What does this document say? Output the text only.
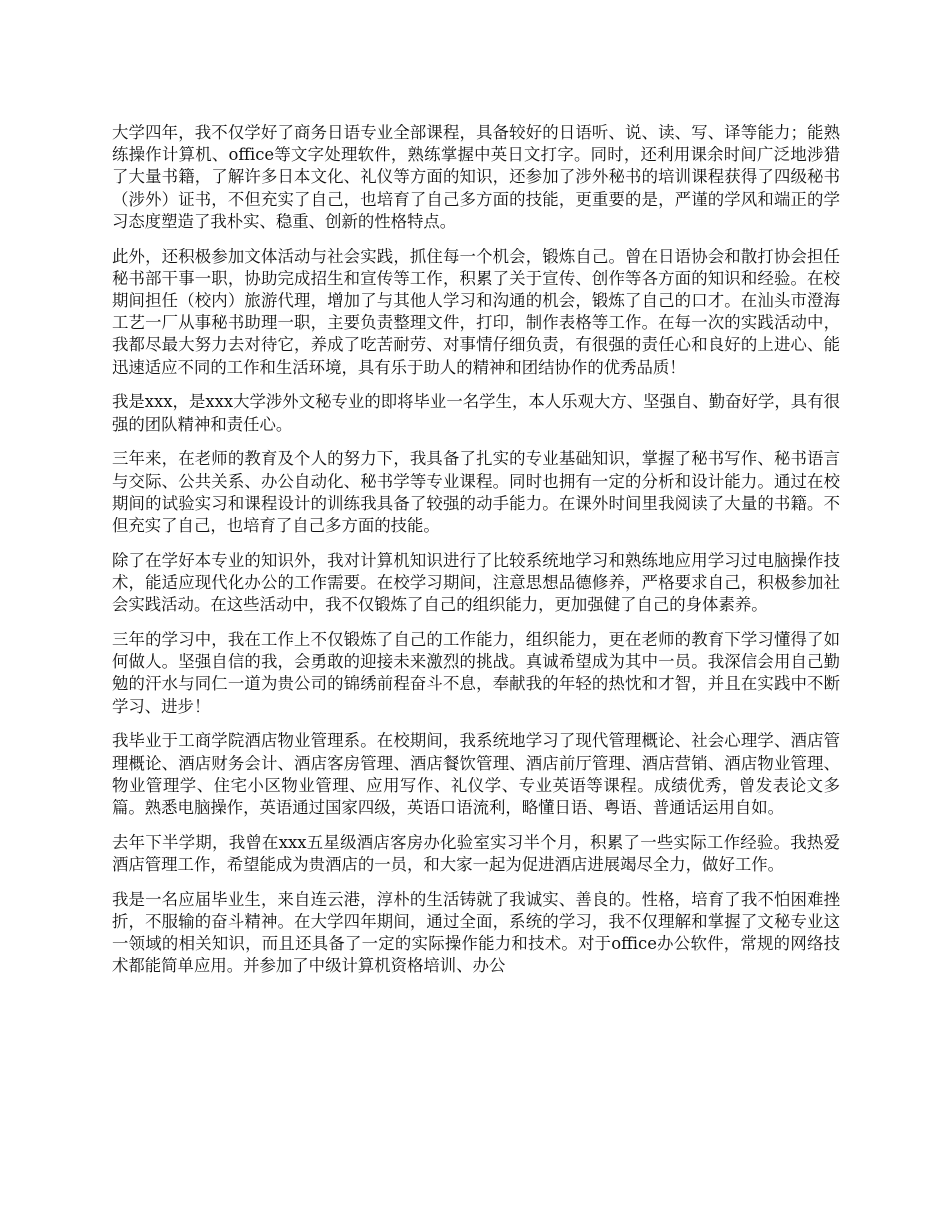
大学四年，我不仅学好了商务日语专业全部课程，具备较好的日语听、说、读、写、译等能力；能熟练操作计算机、office等文字处理软件，熟练掌握中英日文打字。同时，还利用课余时间广泛地涉猎了大量书籍，了解许多日本文化、礼仪等方面的知识，还参加了涉外秘书的培训课程获得了四级秘书（涉外）证书，不但充实了自己，也培育了自己多方面的技能，更重要的是，严谨的学风和端正的学习态度塑造了我朴实、稳重、创新的性格特点。

此外，还积极参加文体活动与社会实践，抓住每一个机会，锻炼自己。曾在日语协会和散打协会担任秘书部干事一职，协助完成招生和宣传等工作，积累了关于宣传、创作等各方面的知识和经验。在校期间担任（校内）旅游代理，增加了与其他人学习和沟通的机会，锻炼了自己的口才。在汕头市澄海工艺一厂从事秘书助理一职，主要负责整理文件，打印，制作表格等工作。在每一次的实践活动中，我都尽最大努力去对待它，养成了吃苦耐劳、对事情仔细负责，有很强的责任心和良好的上进心、能迅速适应不同的工作和生活环境，具有乐于助人的精神和团结协作的优秀品质！

我是xxx，是xxx大学涉外文秘专业的即将毕业一名学生，本人乐观大方、坚强自、勤奋好学，具有很强的团队精神和责任心。

三年来，在老师的教育及个人的努力下，我具备了扎实的专业基础知识，掌握了秘书写作、秘书语言与交际、公共关系、办公自动化、秘书学等专业课程。同时也拥有一定的分析和设计能力。通过在校期间的试验实习和课程设计的训练我具备了较强的动手能力。在课外时间里我阅读了大量的书籍。不但充实了自己，也培育了自己多方面的技能。

除了在学好本专业的知识外，我对计算机知识进行了比较系统地学习和熟练地应用学习过电脑操作技术，能适应现代化办公的工作需要。在校学习期间，注意思想品德修养，严格要求自己，积极参加社会实践活动。在这些活动中，我不仅锻炼了自己的组织能力，更加强健了自己的身体素养。

三年的学习中，我在工作上不仅锻炼了自己的工作能力，组织能力，更在老师的教育下学习懂得了如何做人。坚强自信的我，会勇敢的迎接未来激烈的挑战。真诚希望成为其中一员。我深信会用自己勤勉的汗水与同仁一道为贵公司的锦绣前程奋斗不息，奉献我的年轻的热忱和才智，并且在实践中不断学习、进步！

我毕业于工商学院酒店物业管理系。在校期间，我系统地学习了现代管理概论、社会心理学、酒店管理概论、酒店财务会计、酒店客房管理、酒店餐饮管理、酒店前厅管理、酒店营销、酒店物业管理、物业管理学、住宅小区物业管理、应用写作、礼仪学、专业英语等课程。成绩优秀，曾发表论文多篇。熟悉电脑操作，英语通过国家四级，英语口语流利，略懂日语、粤语、普通话运用自如。

去年下半学期，我曾在xxx五星级酒店客房办化验室实习半个月，积累了一些实际工作经验。我热爱酒店管理工作，希望能成为贵酒店的一员，和大家一起为促进酒店进展竭尽全力，做好工作。

我是一名应届毕业生，来自连云港，淳朴的生活铸就了我诚实、善良的。性格，培育了我不怕困难挫折，不服输的奋斗精神。在大学四年期间，通过全面，系统的学习，我不仅理解和掌握了文秘专业这一领域的相关知识，而且还具备了一定的实际操作能力和技术。对于office办公软件，常规的网络技术都能简单应用。并参加了中级计算机资格培训、办公
